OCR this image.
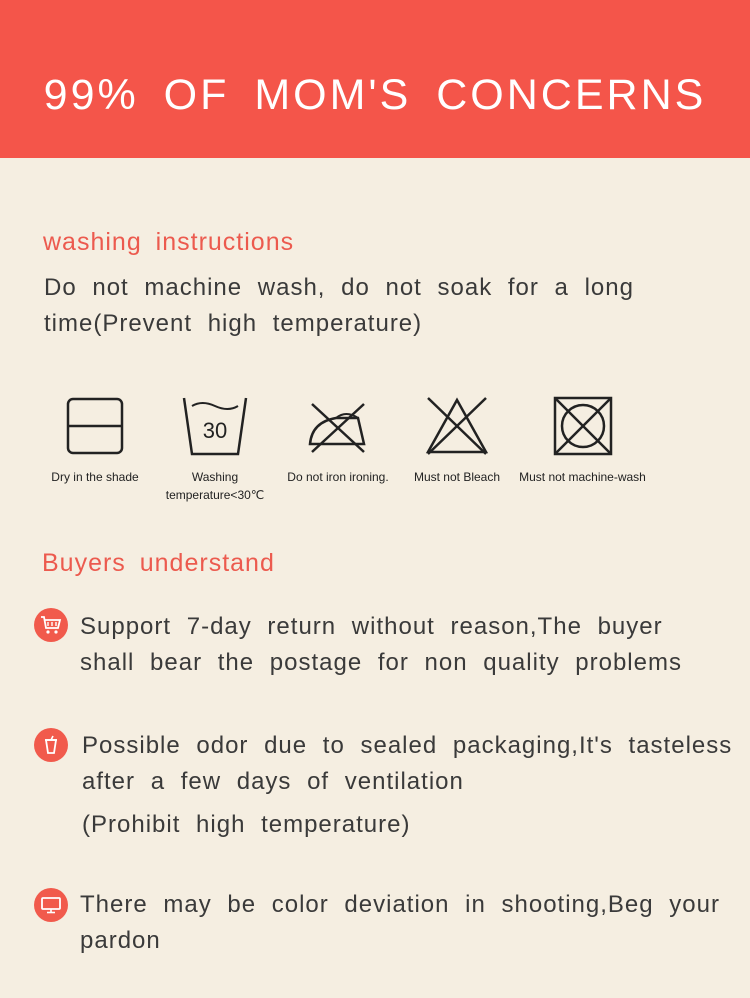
99% OF MOM'S CONCERNS
washing instructions
Do not machine wash, do not soak for a long
time(Prevent high temperature)
Dry in the shade
30
Washing
temperature<30℃
Do not iron ironing. Must not Bleach Must not machine-wash
Buyers understand
Support 7-day return without reason,The buyer
shall bear the postage for non quality problems
Possible odor due to sealed packaging,It's tasteless
after a few days of ventilation
(Prohibit high temperature)
There may be color deviation in shooting,Beg your
pardon
